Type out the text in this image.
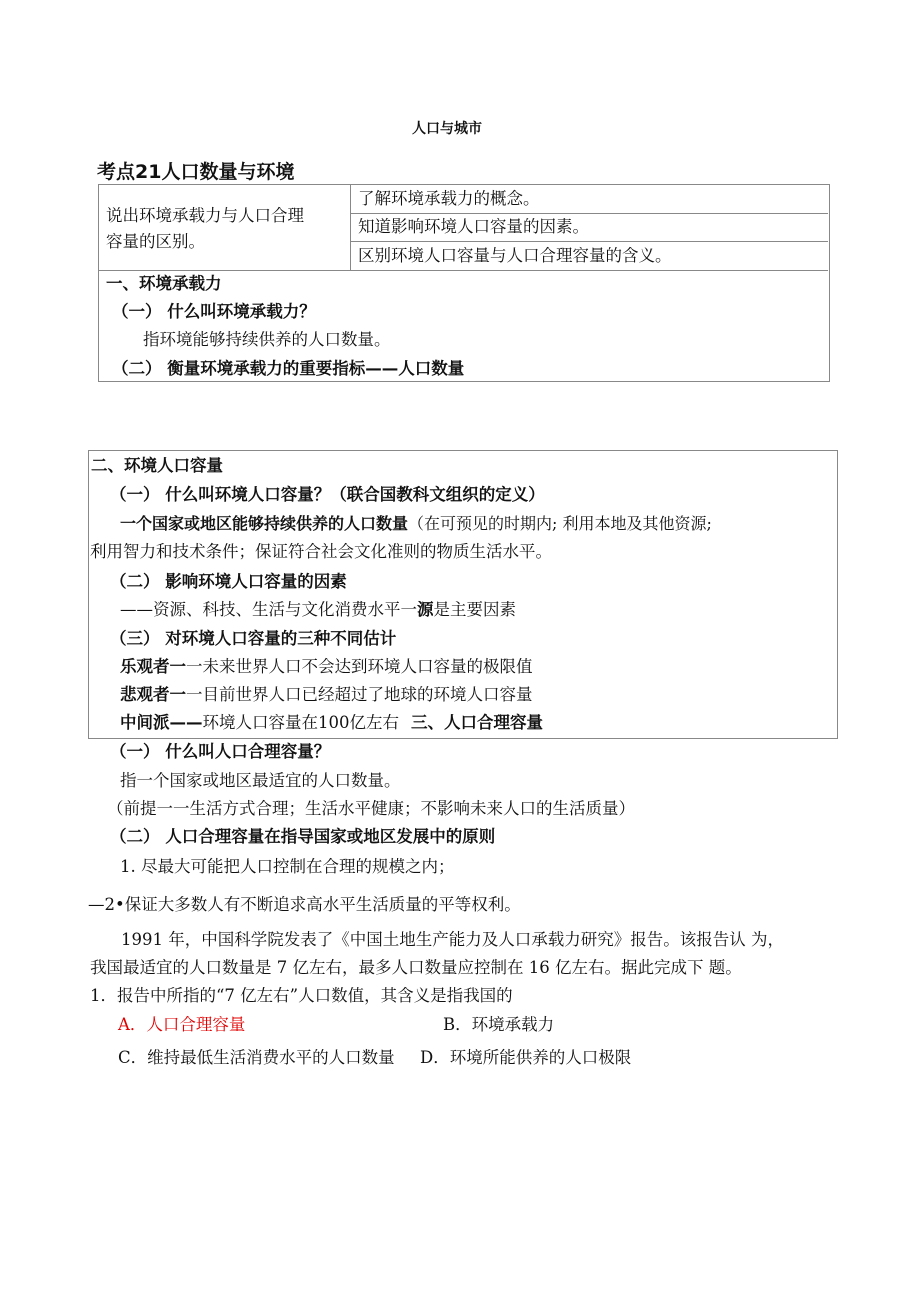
人口与城市
考点21人口数量与环境
说出环境承载力与人口合理
容量的区别。
了解环境承载力的概念。
知道影响环境人口容量的因素。
区别环境人口容量与人口合理容量的含义。
一、环境承载力
（一） 什么叫环境承载力？
指环境能够持续供养的人口数量。
（二） 衡量环境承载力的重要指标——人口数量
二、环境人口容量
（一） 什么叫环境人口容量？（联合国教科文组织的定义）
一个国家或地区能够持续供养的人口数量（在可预见的时期内; 利用本地及其他资源;
利用智力和技术条件；保证符合社会文化准则的物质生活水平。
（二） 影响环境人口容量的因素
——资源、科技、生活与文化消费水平一源是主要因素
（三） 对环境人口容量的三种不同估计
乐观者一一未来世界人口不会达到环境人口容量的极限值
悲观者一一目前世界人口已经超过了地球的环境人口容量
中间派——环境人口容量在100亿左右 三、人口合理容量
（一） 什么叫人口合理容量？
指一个国家或地区最适宜的人口数量。
（前提一一生活方式合理；生活水平健康；不影响未来人口的生活质量）
（二） 人口合理容量在指导国家或地区发展中的原则
1. 尽最大可能把人口控制在合理的规模之内；
—2•保证大多数人有不断追求高水平生活质量的平等权利。
1991 年，中国科学院发表了《中国土地生产能力及人口承载力研究》报告。该报告认 为，
我国最适宜的人口数量是 7 亿左右，最多人口数量应控制在 16 亿左右。据此完成下 题。
1．报告中所指的“7 亿左右”人口数值，其含义是指我国的
A．人口合理容量	B．环境承载力
C．维持最低生活消费水平的人口数量 D．环境所能供养的人口极限
